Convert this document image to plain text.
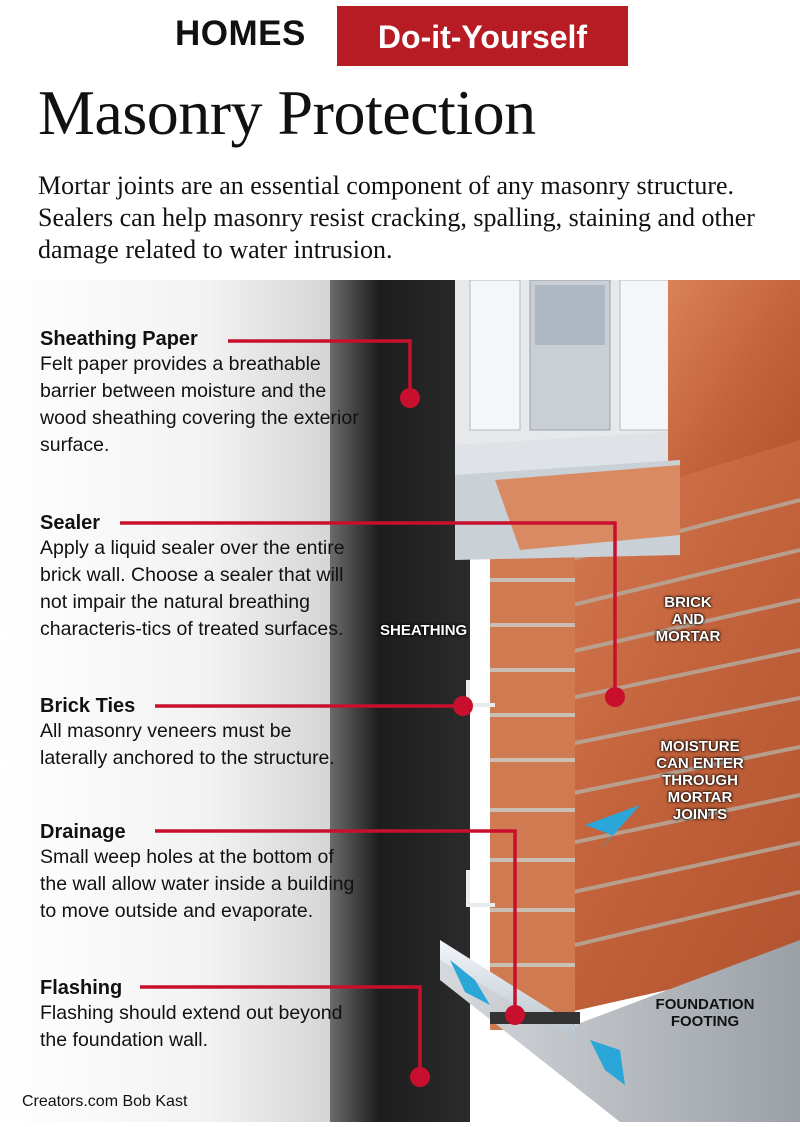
HOMES	Do-it-Yourself
Masonry Protection
Mortar joints are an essential component of any masonry structure. Sealers can help masonry resist cracking, spalling, staining and other damage related to water intrusion.
SHEATHING
BRICK AND MORTAR
MOISTURE CAN ENTER THROUGH MORTAR JOINTS
FOUNDATION FOOTING
Sheathing Paper
Felt paper provides a breathable barrier between moisture and the wood sheathing covering the exterior surface.
Sealer
Apply a liquid sealer over the entire brick wall. Choose a sealer that will not impair the natural breathing characteris-tics of treated surfaces.
Brick Ties
All masonry veneers must be laterally anchored to the structure.
Drainage
Small weep holes at the bottom of the wall allow water inside a building to move outside and evaporate.
Flashing
Flashing should extend out beyond the foundation wall.
Creators.com Bob Kast
